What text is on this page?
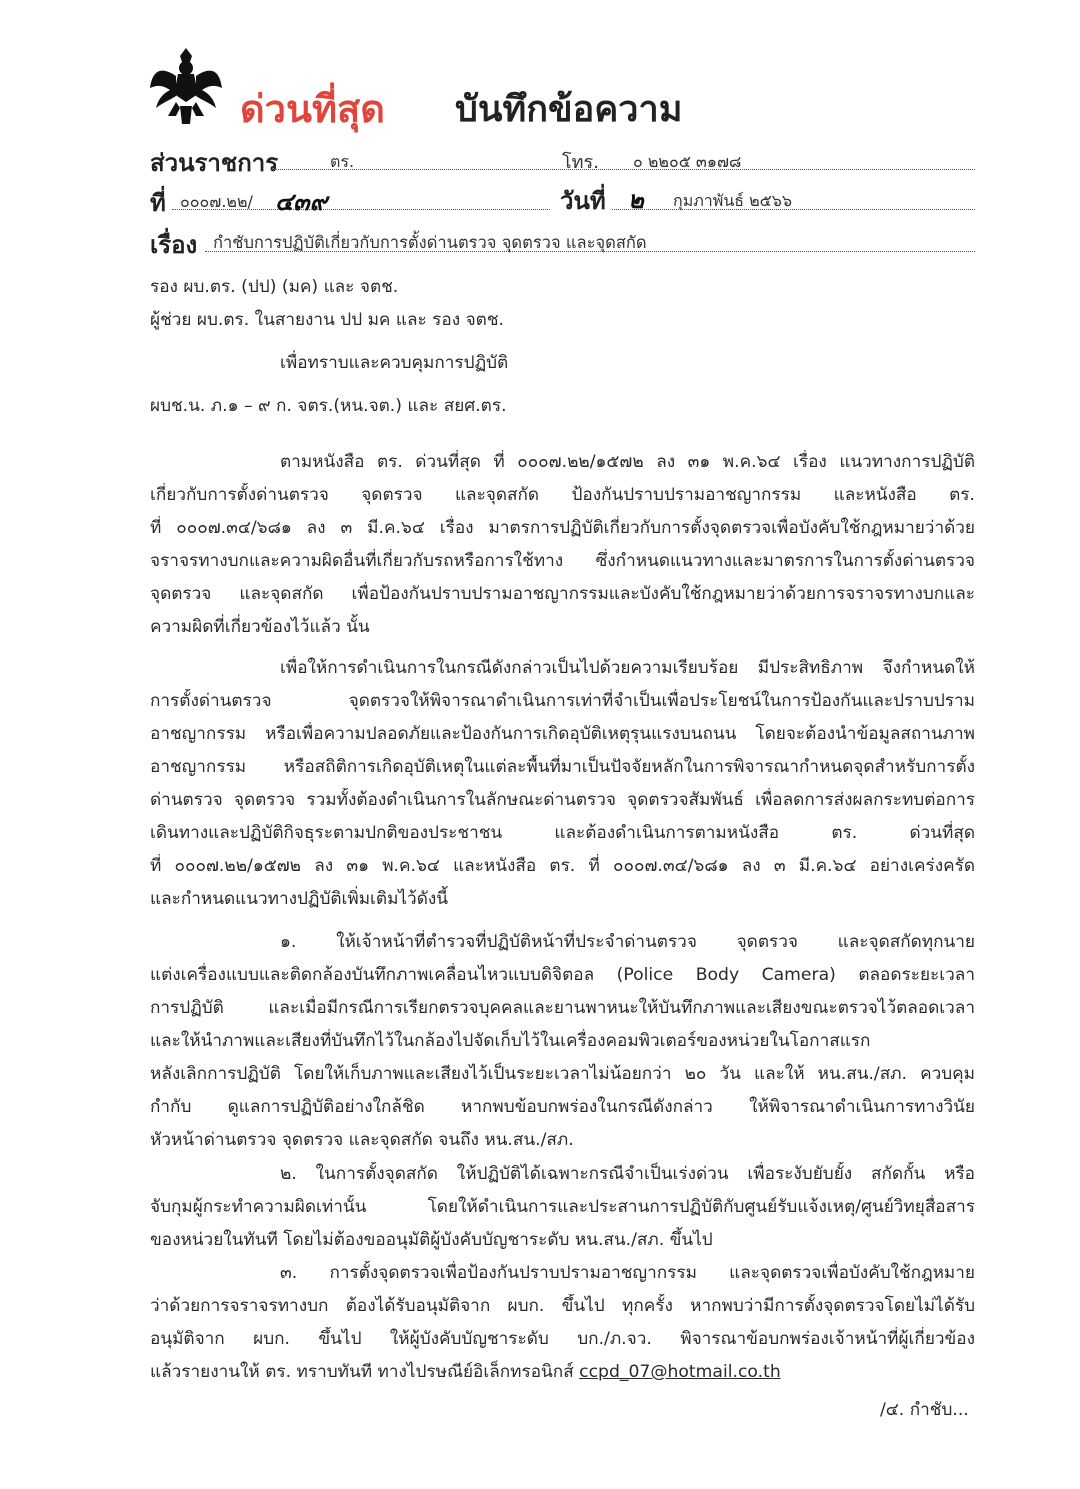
ด่วนที่สุด บันทึกข้อความ
ส่วนราชการ	ตร.	โทร. ๐ ๒๒๐๕ ๓๑๗๘
ที่ ๐๐๐๗.๒๒/ ๔๓๙	วันที่ ๒ กุมภาพันธ์ ๒๕๖๖
เรื่อง กำชับการปฏิบัติเกี่ยวกับการตั้งด่านตรวจ จุดตรวจ และจุดสกัด
รอง ผบ.ตร. (ปป) (มค) และ จตช.
ผู้ช่วย ผบ.ตร. ในสายงาน ปป มค และ รอง จตช.
เพื่อทราบและควบคุมการปฏิบัติ
ผบช.น. ภ.๑ – ๙ ก. จตร.(หน.จต.) และ สยศ.ตร.
ตามหนังสือ ตร. ด่วนที่สุด ที่ ๐๐๐๗.๒๒/๑๕๗๒ ลง ๓๑ พ.ค.๖๔ เรื่อง แนวทางการปฏิบัติ
เกี่ยวกับการตั้งด่านตรวจ จุดตรวจ และจุดสกัด ป้องกันปราบปรามอาชญากรรม และหนังสือ ตร.
ที่ ๐๐๐๗.๓๔/๖๘๑ ลง ๓ มี.ค.๖๔ เรื่อง มาตรการปฏิบัติเกี่ยวกับการตั้งจุดตรวจเพื่อบังคับใช้กฎหมายว่าด้วย
จราจรทางบกและความผิดอื่นที่เกี่ยวกับรถหรือการใช้ทาง ซึ่งกำหนดแนวทางและมาตรการในการตั้งด่านตรวจ
จุดตรวจ และจุดสกัด เพื่อป้องกันปราบปรามอาชญากรรมและบังคับใช้กฎหมายว่าด้วยการจราจรทางบกและ
ความผิดที่เกี่ยวข้องไว้แล้ว นั้น
เพื่อให้การดำเนินการในกรณีดังกล่าวเป็นไปด้วยความเรียบร้อย มีประสิทธิภาพ จึงกำหนดให้
การตั้งด่านตรวจ จุดตรวจให้พิจารณาดำเนินการเท่าที่จำเป็นเพื่อประโยชน์ในการป้องกันและปราบปราม
อาชญากรรม หรือเพื่อความปลอดภัยและป้องกันการเกิดอุบัติเหตุรุนแรงบนถนน โดยจะต้องนำข้อมูลสถานภาพ
อาชญากรรม หรือสถิติการเกิดอุบัติเหตุในแต่ละพื้นที่มาเป็นปัจจัยหลักในการพิจารณากำหนดจุดสำหรับการตั้ง
ด่านตรวจ จุดตรวจ รวมทั้งต้องดำเนินการในลักษณะด่านตรวจ จุดตรวจสัมพันธ์ เพื่อลดการส่งผลกระทบต่อการ
เดินทางและปฏิบัติกิจธุระตามปกติของประชาชน และต้องดำเนินการตามหนังสือ ตร. ด่วนที่สุด
ที่ ๐๐๐๗.๒๒/๑๕๗๒ ลง ๓๑ พ.ค.๖๔ และหนังสือ ตร. ที่ ๐๐๐๗.๓๔/๖๘๑ ลง ๓ มี.ค.๖๔ อย่างเคร่งครัด
และกำหนดแนวทางปฏิบัติเพิ่มเติมไว้ดังนี้
๑. ให้เจ้าหน้าที่ตำรวจที่ปฏิบัติหน้าที่ประจำด่านตรวจ จุดตรวจ และจุดสกัดทุกนาย
แต่งเครื่องแบบและติดกล้องบันทึกภาพเคลื่อนไหวแบบดิจิตอล (Police Body Camera) ตลอดระยะเวลา
การปฏิบัติ และเมื่อมีกรณีการเรียกตรวจบุคคลและยานพาหนะให้บันทึกภาพและเสียงขณะตรวจไว้ตลอดเวลา
และให้นำภาพและเสียงที่บันทึกไว้ในกล้องไปจัดเก็บไว้ในเครื่องคอมพิวเตอร์ของหน่วยในโอกาสแรก
หลังเลิกการปฏิบัติ โดยให้เก็บภาพและเสียงไว้เป็นระยะเวลาไม่น้อยกว่า ๒๐ วัน และให้ หน.สน./สภ. ควบคุม
กำกับ ดูแลการปฏิบัติอย่างใกล้ชิด หากพบข้อบกพร่องในกรณีดังกล่าว ให้พิจารณาดำเนินการทางวินัย
หัวหน้าด่านตรวจ จุดตรวจ และจุดสกัด จนถึง หน.สน./สภ.
๒. ในการตั้งจุดสกัด ให้ปฏิบัติได้เฉพาะกรณีจำเป็นเร่งด่วน เพื่อระงับยับยั้ง สกัดกั้น หรือ
จับกุมผู้กระทำความผิดเท่านั้น โดยให้ดำเนินการและประสานการปฏิบัติกับศูนย์รับแจ้งเหตุ/ศูนย์วิทยุสื่อสาร
ของหน่วยในทันที โดยไม่ต้องขออนุมัติผู้บังคับบัญชาระดับ หน.สน./สภ. ขึ้นไป
๓. การตั้งจุดตรวจเพื่อป้องกันปราบปรามอาชญากรรม และจุดตรวจเพื่อบังคับใช้กฎหมาย
ว่าด้วยการจราจรทางบก ต้องได้รับอนุมัติจาก ผบก. ขึ้นไป ทุกครั้ง หากพบว่ามีการตั้งจุดตรวจโดยไม่ได้รับ
อนุมัติจาก ผบก. ขึ้นไป ให้ผู้บังคับบัญชาระดับ บก./ภ.จว. พิจารณาข้อบกพร่องเจ้าหน้าที่ผู้เกี่ยวข้อง
แล้วรายงานให้ ตร. ทราบทันที ทางไปรษณีย์อิเล็กทรอนิกส์ ccpd_07@hotmail.co.th
/๔. กำชับ...
